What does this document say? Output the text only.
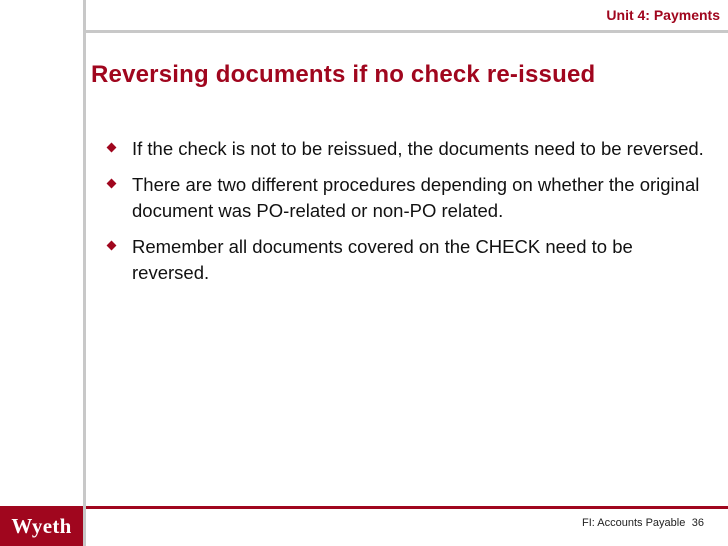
Unit 4: Payments
Reversing documents if no check re-issued
If the check is not to be reissued, the documents need to be reversed.
There are two different procedures depending on whether the original document was PO-related or non-PO related.
Remember all documents covered on the CHECK need to be reversed.
Wyeth	FI: Accounts Payable 36
